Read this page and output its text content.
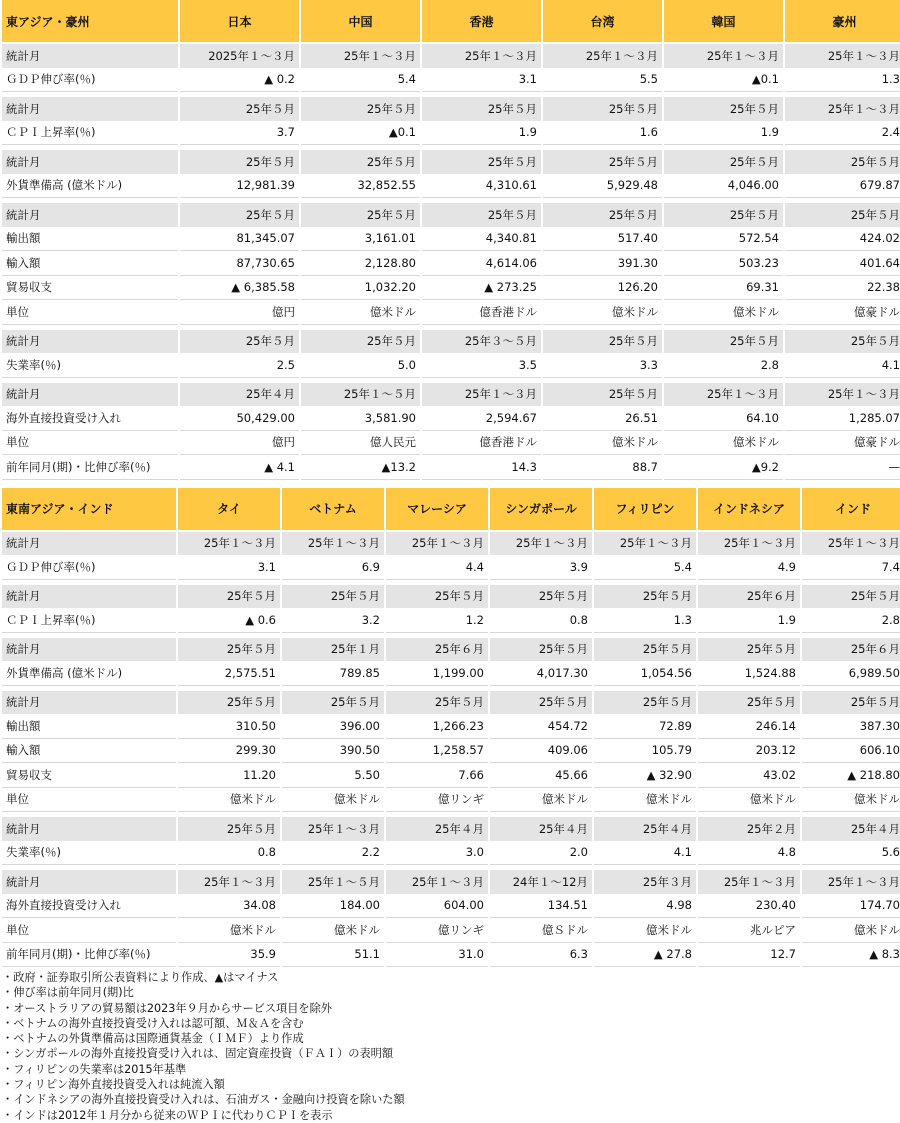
東アジア・豪州	日本	中国	香港	台湾	韓国	豪州
統計月	2025年１～３月	25年１～３月	25年１～３月	25年１～３月	25年１～３月	25年１～３月
ＧＤＰ伸び率(％)	▲ 0.2	5.4	3.1	5.5	▲0.1	1.3

統計月	25年５月	25年５月	25年５月	25年５月	25年５月	25年１～３月
ＣＰＩ上昇率(％)	3.7	▲0.1	1.9	1.6	1.9	2.4

統計月	25年５月	25年５月	25年５月	25年５月	25年５月	25年５月
外貨準備高 (億米ドル)	12,981.39	32,852.55	4,310.61	5,929.48	4,046.00	679.87

統計月	25年５月	25年５月	25年５月	25年５月	25年５月	25年５月
輸出額	81,345.07	3,161.01	4,340.81	517.40	572.54	424.02
輸入額	87,730.65	2,128.80	4,614.06	391.30	503.23	401.64
貿易収支	▲ 6,385.58	1,032.20	▲ 273.25	126.20	69.31	22.38
単位	億円	億米ドル	億香港ドル	億米ドル	億米ドル	億豪ドル

統計月	25年５月	25年５月	25年３～５月	25年５月	25年５月	25年５月
失業率(％)	2.5	5.0	3.5	3.3	2.8	4.1

統計月	25年４月	25年１～５月	25年１～３月	25年５月	25年１～３月	25年１～３月
海外直接投資受け入れ	50,429.00	3,581.90	2,594.67	26.51	64.10	1,285.07
単位	億円	億人民元	億香港ドル	億米ドル	億米ドル	億豪ドル
前年同月(期)・比伸び率(％)	▲ 4.1	▲13.2	14.3	88.7	▲9.2	—
東南アジア・インド	タイ	ベトナム	マレーシア	シンガポール	フィリピン	インドネシア	インド
統計月	25年１～３月	25年１～３月	25年１～３月	25年１～３月	25年１～３月	25年１～３月	25年１～３月
ＧＤＰ伸び率(％)	3.1	6.9	4.4	3.9	5.4	4.9	7.4

統計月	25年５月	25年５月	25年５月	25年５月	25年５月	25年６月	25年５月
ＣＰＩ上昇率(％)	▲ 0.6	3.2	1.2	0.8	1.3	1.9	2.8

統計月	25年５月	25年１月	25年６月	25年５月	25年５月	25年５月	25年６月
外貨準備高 (億米ドル)	2,575.51	789.85	1,199.00	4,017.30	1,054.56	1,524.88	6,989.50

統計月	25年５月	25年５月	25年５月	25年５月	25年５月	25年５月	25年５月
輸出額	310.50	396.00	1,266.23	454.72	72.89	246.14	387.30
輸入額	299.30	390.50	1,258.57	409.06	105.79	203.12	606.10
貿易収支	11.20	5.50	7.66	45.66	▲ 32.90	43.02	▲ 218.80
単位	億米ドル	億米ドル	億リンギ	億米ドル	億米ドル	億米ドル	億米ドル

統計月	25年５月	25年１～３月	25年４月	25年４月	25年４月	25年２月	25年４月
失業率(％)	0.8	2.2	3.0	2.0	4.1	4.8	5.6

統計月	25年１～３月	25年１～５月	25年１～３月	24年１～12月	25年３月	25年１～３月	25年１～３月
海外直接投資受け入れ	34.08	184.00	604.00	134.51	4.98	230.40	174.70
単位	億米ドル	億米ドル	億リンギ	億Ｓドル	億米ドル	兆ルピア	億米ドル
前年同月(期)・比伸び率(％)	35.9	51.1	31.0	6.3	▲ 27.8	12.7	▲ 8.3
・政府・証券取引所公表資料により作成、▲はマイナス
・伸び率は前年同月(期)比
・オーストラリアの貿易額は2023年９月からサービス項目を除外
・ベトナムの海外直接投資受け入れは認可額、Ｍ＆Ａを含む
・ベトナムの外貨準備高は国際通貨基金（ＩＭＦ）より作成
・シンガポールの海外直接投資受け入れは、固定資産投資（ＦＡＩ）の表明額
・フィリピンの失業率は2015年基準
・フィリピン海外直接投資受入れは純流入額
・インドネシアの海外直接投資受け入れは、石油ガス・金融向け投資を除いた額
・インドは2012年１月分から従来のＷＰＩに代わりＣＰＩを表示
